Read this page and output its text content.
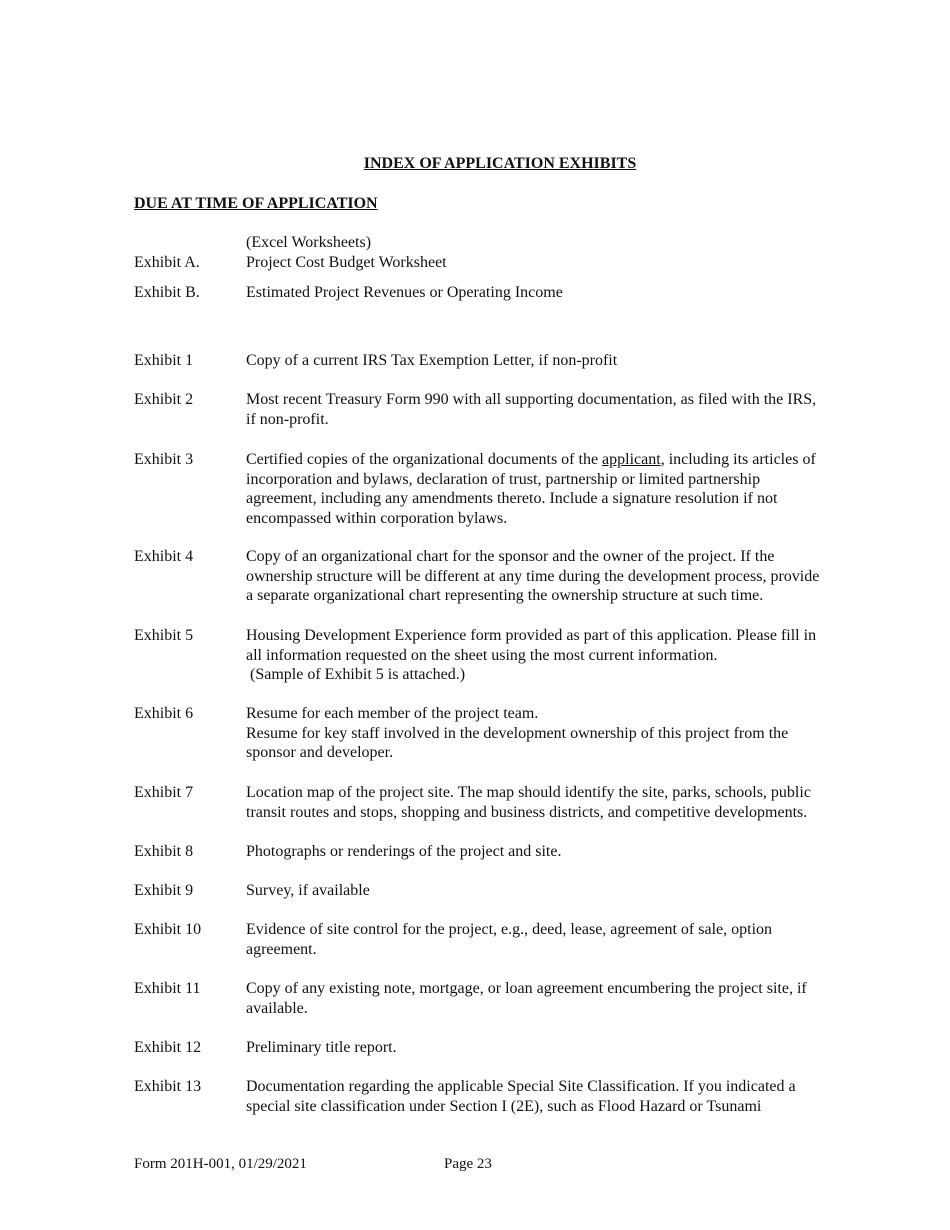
INDEX OF APPLICATION EXHIBITS
DUE AT TIME OF APPLICATION
(Excel Worksheets)
Exhibit A.	Project Cost Budget Worksheet
Exhibit B.	Estimated Project Revenues or Operating Income
Exhibit 1	Copy of a current IRS Tax Exemption Letter, if non-profit
Exhibit 2	Most recent Treasury Form 990 with all supporting documentation, as filed with the IRS,
if non-profit.
Exhibit 3	Certified copies of the organizational documents of the applicant, including its articles of
incorporation and bylaws, declaration of trust, partnership or limited partnership
agreement, including any amendments thereto. Include a signature resolution if not
encompassed within corporation bylaws.
Exhibit 4	Copy of an organizational chart for the sponsor and the owner of the project. If the
ownership structure will be different at any time during the development process, provide
a separate organizational chart representing the ownership structure at such time.
Exhibit 5	Housing Development Experience form provided as part of this application. Please fill in
all information requested on the sheet using the most current information.
(Sample of Exhibit 5 is attached.)
Exhibit 6	Resume for each member of the project team.
Resume for key staff involved in the development ownership of this project from the
sponsor and developer.
Exhibit 7	Location map of the project site. The map should identify the site, parks, schools, public
transit routes and stops, shopping and business districts, and competitive developments.
Exhibit 8	Photographs or renderings of the project and site.
Exhibit 9	Survey, if available
Exhibit 10	Evidence of site control for the project, e.g., deed, lease, agreement of sale, option
agreement.
Exhibit 11	Copy of any existing note, mortgage, or loan agreement encumbering the project site, if
available.
Exhibit 12	Preliminary title report.
Exhibit 13	Documentation regarding the applicable Special Site Classification. If you indicated a
special site classification under Section I (2E), such as Flood Hazard or Tsunami
Form 201H-001, 01/29/2021	Page 23
